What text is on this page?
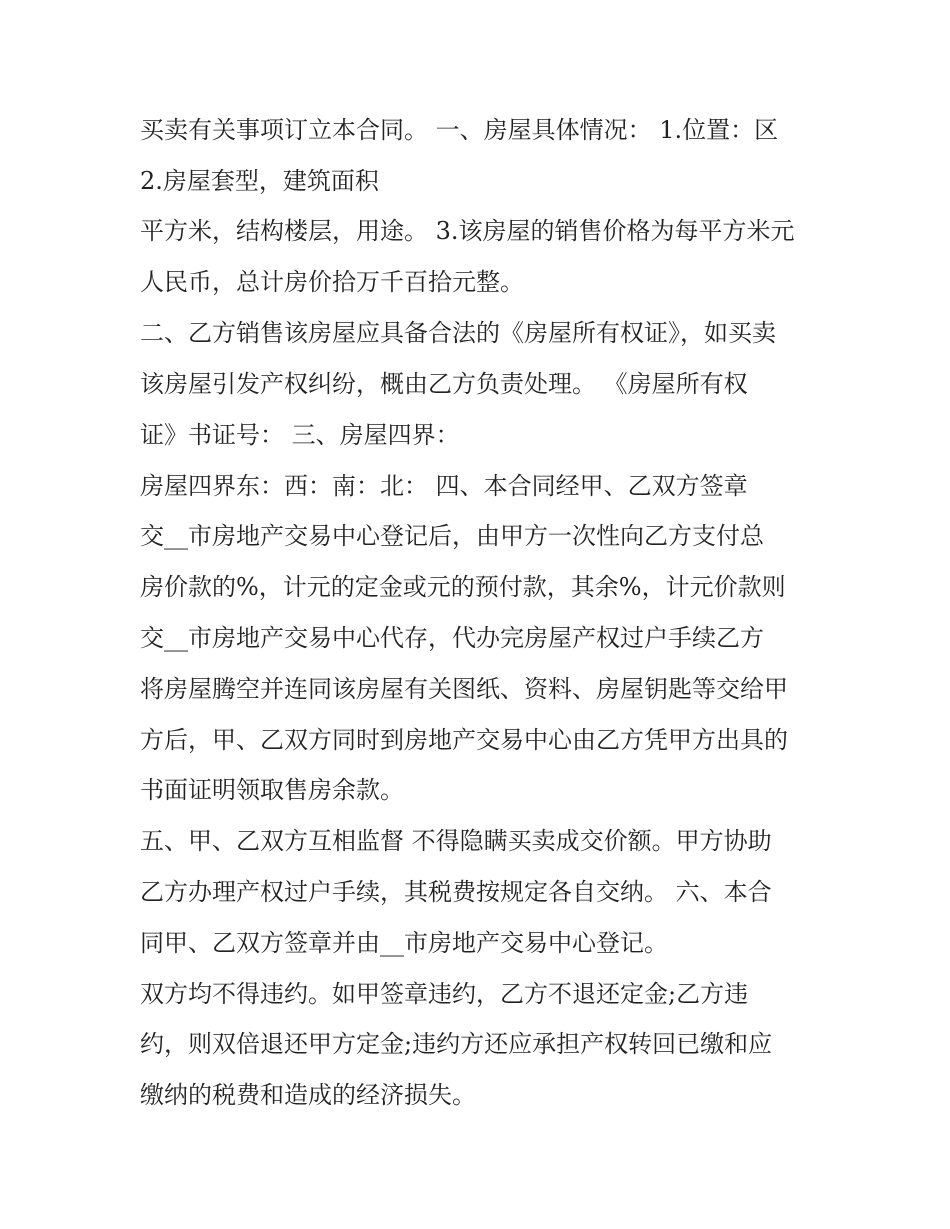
买卖有关事项订立本合同。 一、房屋具体情况： 1.位置：区
2.房屋套型，建筑面积
平方米，结构楼层，用途。 3.该房屋的销售价格为每平方米元
人民币，总计房价拾万千百拾元整。
二、乙方销售该房屋应具备合法的《房屋所有权证》，如买卖
该房屋引发产权纠纷，概由乙方负责处理。 《房屋所有权
证》书证号： 三、房屋四界：
房屋四界东：西：南：北： 四、本合同经甲、乙双方签章
交__市房地产交易中心登记后，由甲方一次性向乙方支付总
房价款的%，计元的定金或元的预付款，其余%，计元价款则
交__市房地产交易中心代存，代办完房屋产权过户手续乙方
将房屋腾空并连同该房屋有关图纸、资料、房屋钥匙等交给甲
方后，甲、乙双方同时到房地产交易中心由乙方凭甲方出具的
书面证明领取售房余款。
五、甲、乙双方互相监督 不得隐瞒买卖成交价额。甲方协助
乙方办理产权过户手续，其税费按规定各自交纳。 六、本合
同甲、乙双方签章并由__市房地产交易中心登记。
双方均不得违约。如甲签章违约，乙方不退还定金;乙方违
约，则双倍退还甲方定金;违约方还应承担产权转回已缴和应
缴纳的税费和造成的经济损失。
